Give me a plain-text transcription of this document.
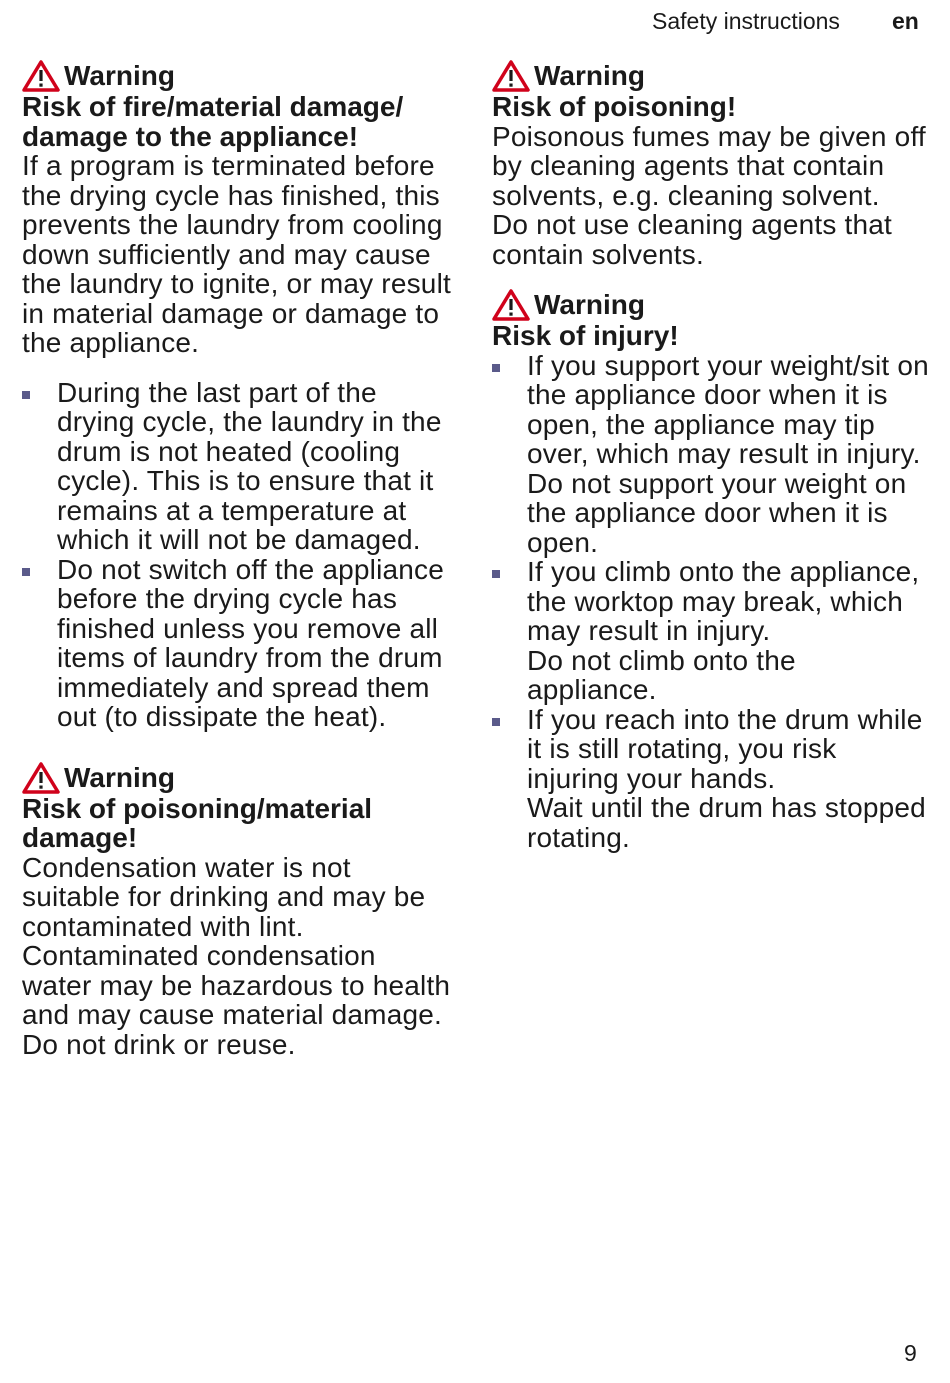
Safety instructions en
Warning

Risk of fire/material damage/ damage to the appliance!

If a program is terminated before the drying cycle has finished, this prevents the laundry from cooling down sufficiently and may cause the laundry to ignite, or may result in material damage or damage to the appliance.

During the last part of the drying cycle, the laundry in the drum is not heated (cooling cycle). This is to ensure that it remains at a temperature at which it will not be damaged.
Do not switch off the appliance before the drying cycle has finished unless you remove all items of laundry from the drum immediately and spread them out (to dissipate the heat).
Warning

Risk of poisoning/material damage!

Condensation water is not suitable for drinking and may be contaminated with lint. Contaminated condensation water may be hazardous to health and may cause material damage.

Do not drink or reuse.

Warning

Risk of poisoning!

Poisonous fumes may be given off by cleaning agents that contain solvents, e.g. cleaning solvent.

Do not use cleaning agents that contain solvents.

Warning

Risk of injury!

If you support your weight/sit on the appliance door when it is open, the appliance may tip over, which may result in injury.
Do not support your weight on the appliance door when it is open.
If you climb onto the appliance, the worktop may break, which may result in injury.
Do not climb onto the appliance.
If you reach into the drum while it is still rotating, you risk injuring your hands.
Wait until the drum has stopped rotating.
9
